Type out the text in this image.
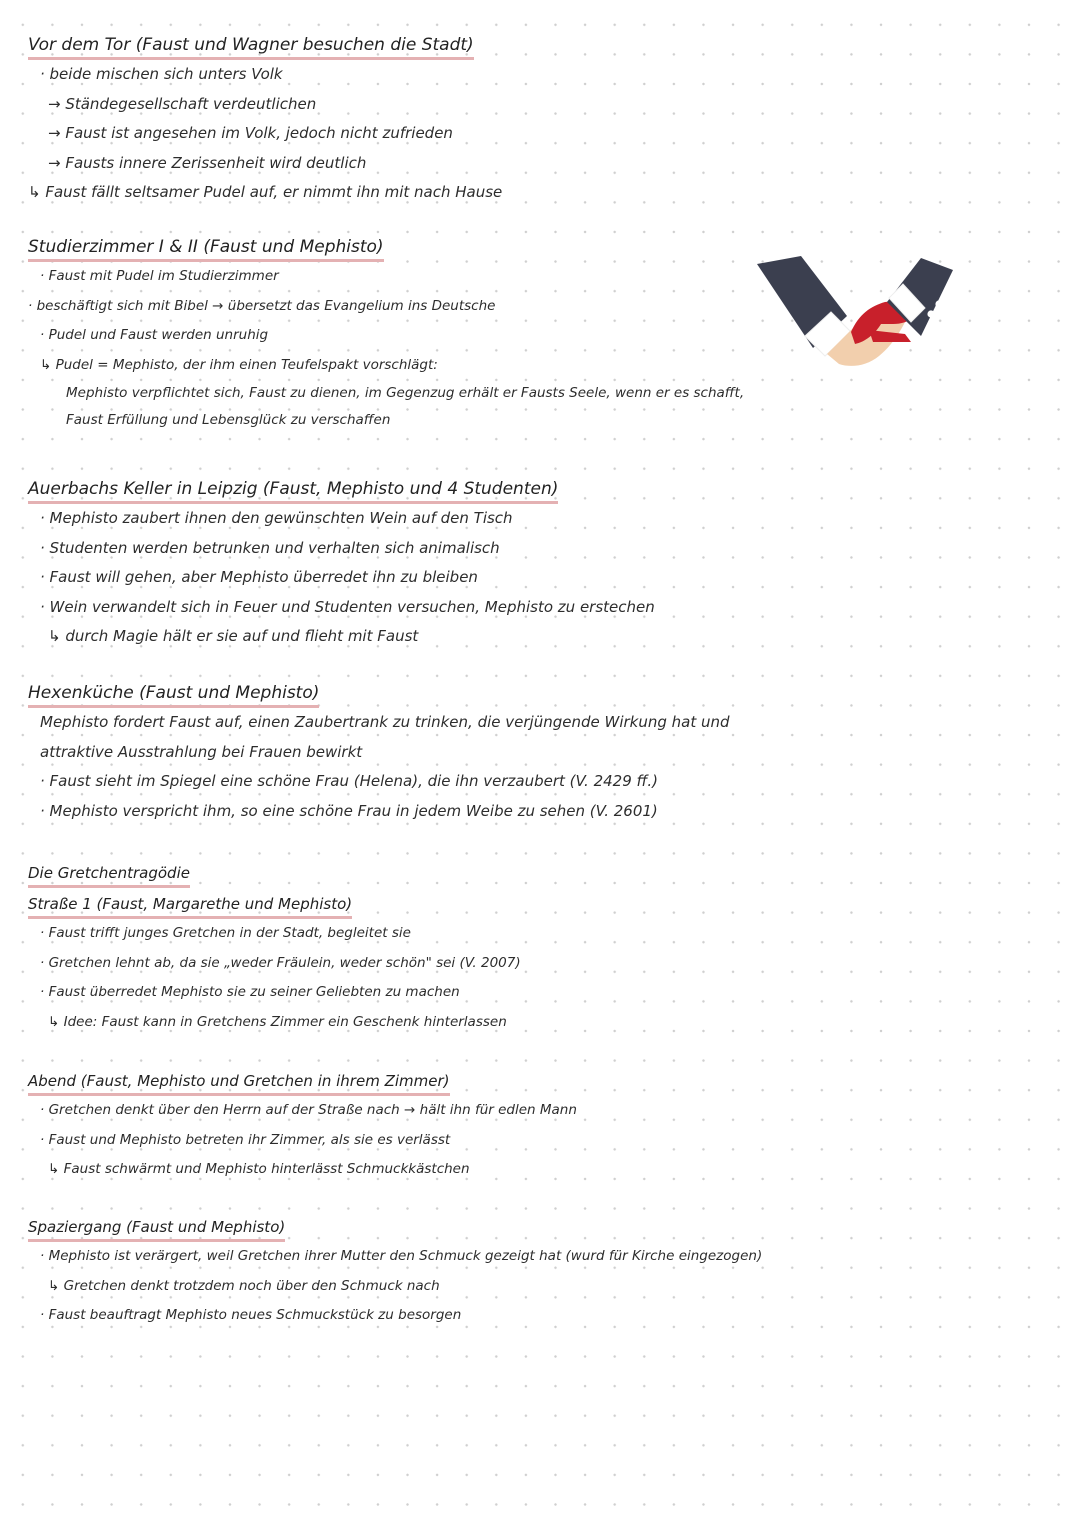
Vor dem Tor (Faust und Wagner besuchen die Stadt)
· beide mischen sich unters Volk
→ Ständegesellschaft verdeutlichen
→ Faust ist angesehen im Volk, jedoch nicht zufrieden
→ Fausts innere Zerissenheit wird deutlich
↳ Faust fällt seltsamer Pudel auf, er nimmt ihn mit nach Hause
Studierzimmer I & II (Faust und Mephisto)
· Faust mit Pudel im Studierzimmer
· beschäftigt sich mit Bibel → übersetzt das Evangelium ins Deutsche
· Pudel und Faust werden unruhig
↳ Pudel = Mephisto, der ihm einen Teufelspakt vorschlägt:
Mephisto verpflichtet sich, Faust zu dienen, im Gegenzug erhält er Fausts Seele, wenn er es schafft,
Faust Erfüllung und Lebensglück zu verschaffen
Auerbachs Keller in Leipzig (Faust, Mephisto und 4 Studenten)
· Mephisto zaubert ihnen den gewünschten Wein auf den Tisch
· Studenten werden betrunken und verhalten sich animalisch
· Faust will gehen, aber Mephisto überredet ihn zu bleiben
· Wein verwandelt sich in Feuer und Studenten versuchen, Mephisto zu erstechen
↳ durch Magie hält er sie auf und flieht mit Faust
Hexenküche (Faust und Mephisto)
Mephisto fordert Faust auf, einen Zaubertrank zu trinken, die verjüngende Wirkung hat und
attraktive Ausstrahlung bei Frauen bewirkt
· Faust sieht im Spiegel eine schöne Frau (Helena), die ihn verzaubert (V. 2429 ff.)
· Mephisto verspricht ihm, so eine schöne Frau in jedem Weibe zu sehen (V. 2601)
Die Gretchentragödie
Straße 1 (Faust, Margarethe und Mephisto)
· Faust trifft junges Gretchen in der Stadt, begleitet sie
· Gretchen lehnt ab, da sie „weder Fräulein, weder schön" sei (V. 2007)
· Faust überredet Mephisto sie zu seiner Geliebten zu machen
↳ Idee: Faust kann in Gretchens Zimmer ein Geschenk hinterlassen
Abend (Faust, Mephisto und Gretchen in ihrem Zimmer)
· Gretchen denkt über den Herrn auf der Straße nach → hält ihn für edlen Mann
· Faust und Mephisto betreten ihr Zimmer, als sie es verlässt
↳ Faust schwärmt und Mephisto hinterlässt Schmuckkästchen
Spaziergang (Faust und Mephisto)
· Mephisto ist verärgert, weil Gretchen ihrer Mutter den Schmuck gezeigt hat (wurd für Kirche eingezogen)
↳ Gretchen denkt trotzdem noch über den Schmuck nach
· Faust beauftragt Mephisto neues Schmuckstück zu besorgen
